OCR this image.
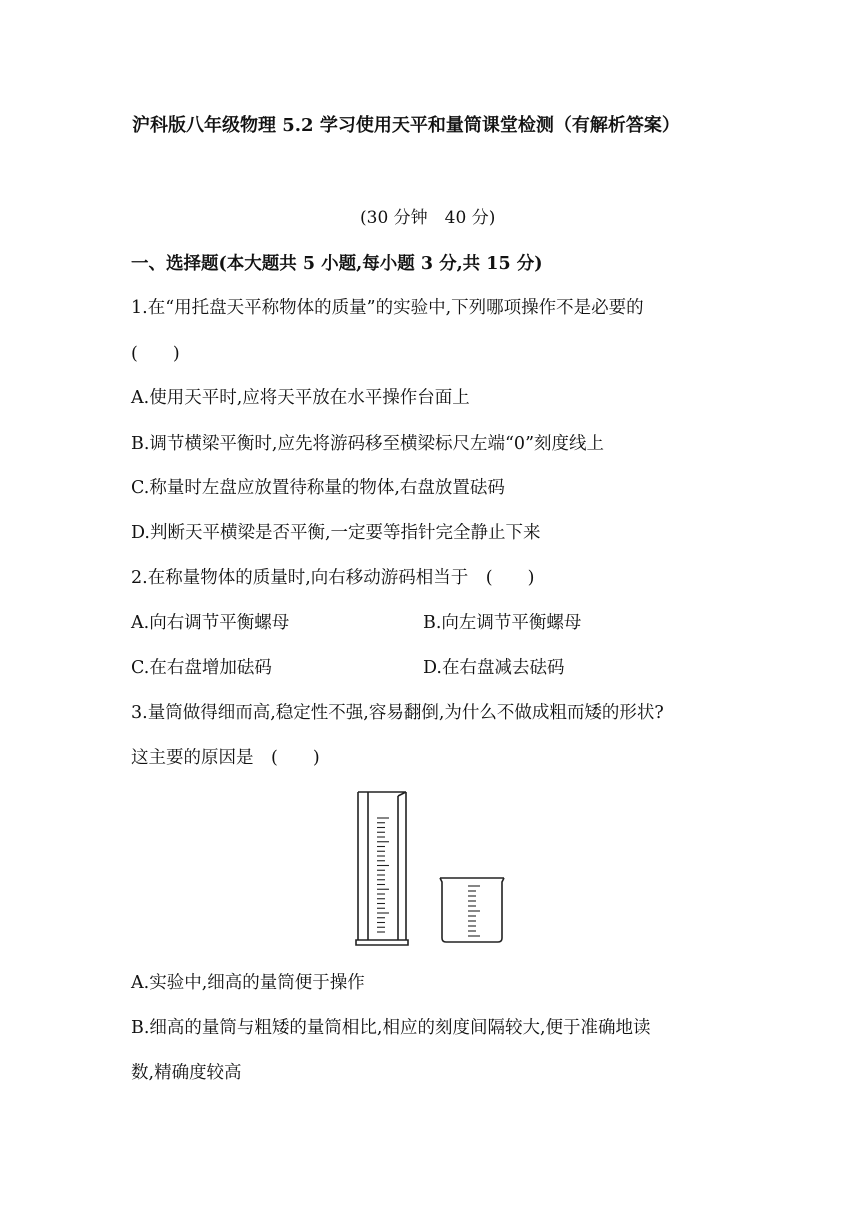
沪科版八年级物理 5.2 学习使用天平和量筒课堂检测（有解析答案）
(30 分钟　40 分)
一、选择题(本大题共 5 小题,每小题 3 分,共 15 分)
1.在“用托盘天平称物体的质量”的实验中,下列哪项操作不是必要的
(　　)
A.使用天平时,应将天平放在水平操作台面上
B.调节横梁平衡时,应先将游码移至横梁标尺左端“0”刻度线上
C.称量时左盘应放置待称量的物体,右盘放置砝码
D.判断天平横梁是否平衡,一定要等指针完全静止下来
2.在称量物体的质量时,向右移动游码相当于　(　　)
A.向右调节平衡螺母	B.向左调节平衡螺母
C.在右盘增加砝码	D.在右盘减去砝码
3.量筒做得细而高,稳定性不强,容易翻倒,为什么不做成粗而矮的形状?
这主要的原因是　(　　)
A.实验中,细高的量筒便于操作
B.细高的量筒与粗矮的量筒相比,相应的刻度间隔较大,便于准确地读
数,精确度较高
